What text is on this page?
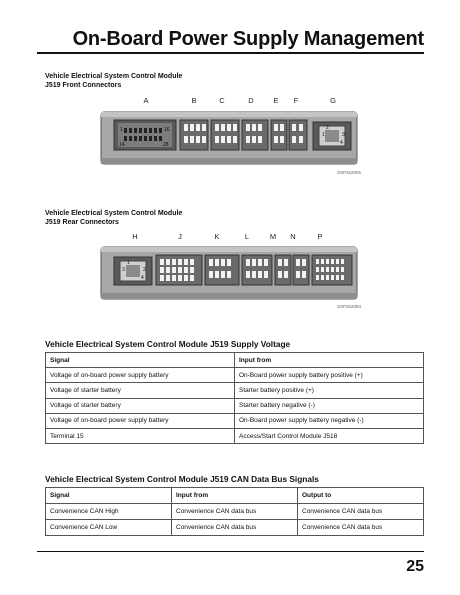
On-Board Power Supply Management
Vehicle Electrical System Control Module
J519 Front Connectors
A	B	C	D	E F	G
1	16
14	28
2
3
1
4
SSP252065
Vehicle Electrical System Control Module
J519 Rear Connectors
H	J	K	L	M N	P
1
2
3
4
SSP252064
Vehicle Electrical System Control Module J519 Supply Voltage
Signal	Input from
Voltage of on-board power supply battery	On-Board power supply battery positive (+)
Voltage of starter battery	Starter battery positive (+)
Voltage of starter battery	Starter battery negative (-)
Voltage of on-board power supply battery	On-Board power supply battery negative (-)
Terminal 15	Access/Start Control Module J518
Vehicle Electrical System Control Module J519 CAN Data Bus Signals
Signal	Input from	Output to
Convenience CAN High	Convenience CAN data bus	Convenience CAN data bus
Convenience CAN Low	Convenience CAN data bus	Convenience CAN data bus
25
